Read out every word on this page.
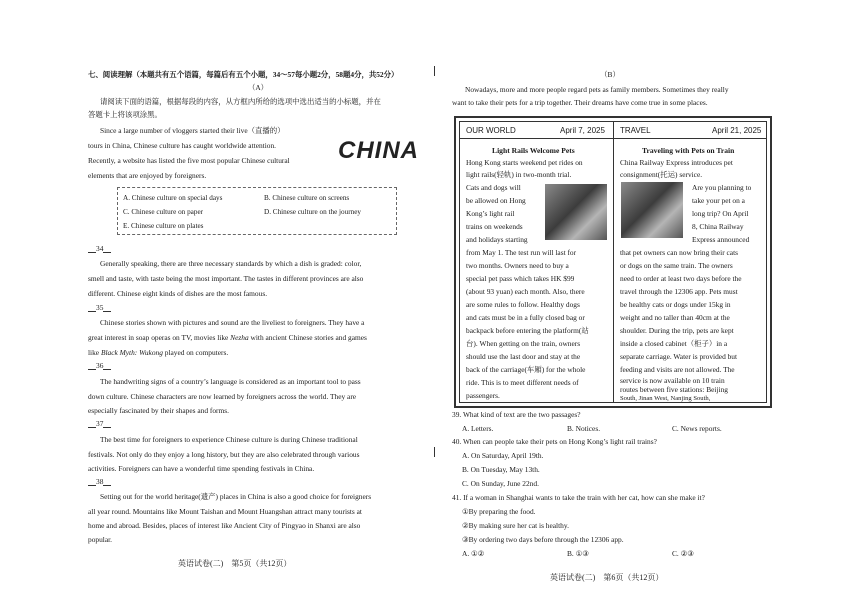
七、阅读理解（本题共有五个语篇，每篇后有五个小题，34～57每小题2分，58题4分，共52分）
（A）
请阅读下面的语篇，根据每段的内容，从方框内所给的选项中选出适当的小标题，并在
答题卡上将该项涂黑。
Since a large number of vloggers started their live（直播的）
tours in China, Chinese culture has caught worldwide attention.
Recently, a website has listed the five most popular Chinese cultural
elements that are enjoyed by foreigners.
CHINA
A. Chinese culture on special days	B. Chinese culture on screens
C. Chinese culture on paper	D. Chinese culture on the journey
E. Chinese culture on plates
34
Generally speaking, there are three necessary standards by which a dish is graded: color,
smell and taste, with taste being the most important. The tastes in different provinces are also
different. Chinese eight kinds of dishes are the most famous.
35
Chinese stories shown with pictures and sound are the liveliest to foreigners. They have a
great interest in soap operas on TV, movies like Nezha with ancient Chinese stories and games
like Black Myth: Wukong played on computers.
36
The handwriting signs of a country’s language is considered as an important tool to pass
down culture. Chinese characters are now learned by foreigners across the world. They are
especially fascinated by their shapes and forms.
37
The best time for foreigners to experience Chinese culture is during Chinese traditional
festivals. Not only do they enjoy a long history, but they are also celebrated through various
activities. Foreigners can have a wonderful time spending festivals in China.
38
Setting out for the world heritage(遗产) places in China is also a good choice for foreigners
all year round. Mountains like Mount Taishan and Mount Huangshan attract many tourists at
home and abroad. Besides, places of interest like Ancient City of Pingyao in Shanxi are also
popular.
英语试卷(二)　第5页（共12页）
（B）
Nowadays, more and more people regard pets as family members. Sometimes they really
want to take their pets for a trip together. Their dreams have come true in some places.
OUR WORLD	April 7, 2025
Light Rails Welcome Pets
Hong Kong starts weekend pet rides on
light rails(轻轨) in two-month trial.
Cats and dogs will
be allowed on Hong
Kong’s light rail
trains on weekends
and holidays starting
from May 1. The test run will last for
two months. Owners need to buy a
special pet pass which takes HK $99
(about 93 yuan) each month. Also, there
are some rules to follow. Healthy dogs
and cats must be in a fully closed bag or
backpack before entering the platform(站
台). When getting on the train, owners
should use the last door and stay at the
back of the carriage(车厢) for the whole
ride. This is to meet different needs of
passengers.
TRAVEL	April 21, 2025
Traveling with Pets on Train
China Railway Express introduces pet
consignment(托运) service.
Are you planning to
take your pet on a
long trip? On April
8, China Railway
Express announced
that pet owners can now bring their cats
or dogs on the same train. The owners
need to order at least two days before the
travel through the 12306 app. Pets must
be healthy cats or dogs under 15kg in
weight and no taller than 40cm at the
shoulder. During the trip, pets are kept
inside a closed cabinet（柜子）in a
separate carriage. Water is provided but
feeding and visits are not allowed. The
service is now available on 10 train
routes between five stations: Beijing
South, Jinan West, Nanjing South,
39. What kind of text are the two passages?
A. Letters.	B. Notices.	C. News reports.
40. When can people take their pets on Hong Kong’s light rail trains?
A. On Saturday, April 19th.
B. On Tuesday, May 13th.
C. On Sunday, June 22nd.
41. If a woman in Shanghai wants to take the train with her cat, how can she make it?
①By preparing the food.
②By making sure her cat is healthy.
③By ordering two days before through the 12306 app.
A. ①②	B. ①③	C. ②③
英语试卷(二)　第6页（共12页）
